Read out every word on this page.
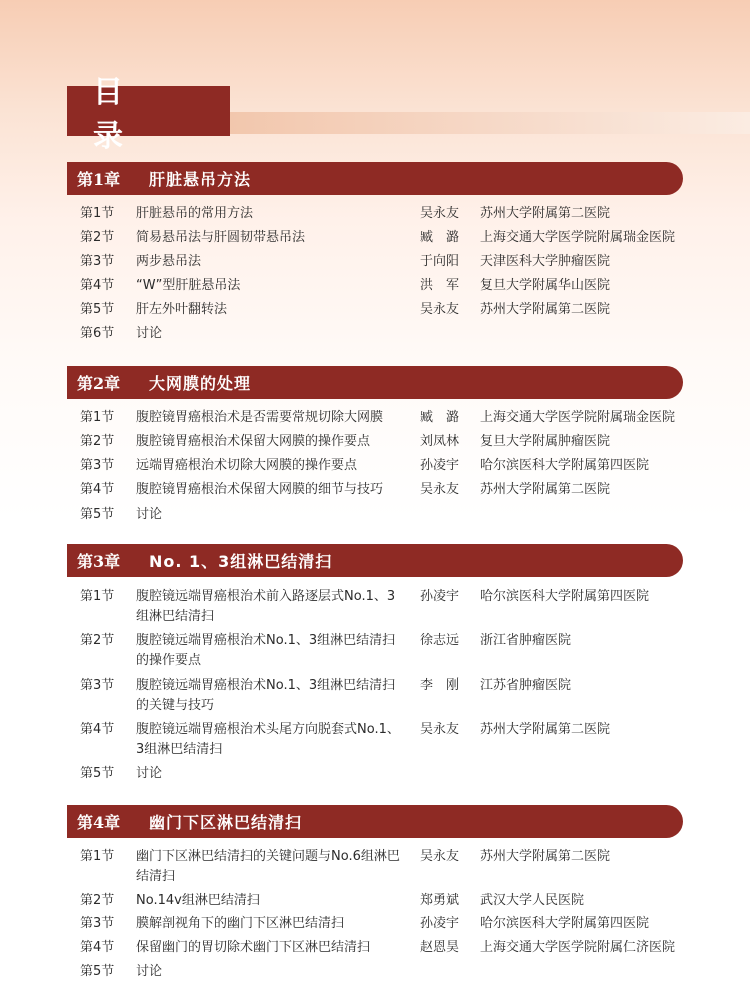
目 录
第1章	肝脏悬吊方法
第1节 肝脏悬吊的常用方法	吴永友 苏州大学附属第二医院
第2节 简易悬吊法与肝圆韧带悬吊法	臧　潞 上海交通大学医学院附属瑞金医院
第3节 两步悬吊法	于向阳 天津医科大学肿瘤医院
第4节 “W”型肝脏悬吊法	洪　军 复旦大学附属华山医院
第5节 肝左外叶翻转法	吴永友 苏州大学附属第二医院
第6节 讨论
第2章	大网膜的处理
第1节 腹腔镜胃癌根治术是否需要常规切除大网膜	臧　潞 上海交通大学医学院附属瑞金医院
第2节 腹腔镜胃癌根治术保留大网膜的操作要点	刘凤林 复旦大学附属肿瘤医院
第3节 远端胃癌根治术切除大网膜的操作要点	孙凌宇 哈尔滨医科大学附属第四医院
第4节 腹腔镜胃癌根治术保留大网膜的细节与技巧	吴永友 苏州大学附属第二医院
第5节 讨论
第3章	No. 1、3组淋巴结清扫
第1节 腹腔镜远端胃癌根治术前入路逐层式No.1、3组淋巴结清扫
孙凌宇 哈尔滨医科大学附属第四医院
第2节 腹腔镜远端胃癌根治术No.1、3组淋巴结清扫的操作要点
徐志远 浙江省肿瘤医院
第3节 腹腔镜远端胃癌根治术No.1、3组淋巴结清扫的关键与技巧
李　刚 江苏省肿瘤医院
第4节 腹腔镜远端胃癌根治术头尾方向脱套式No.1、3组淋巴结清扫
吴永友 苏州大学附属第二医院
第5节 讨论
第4章	幽门下区淋巴结清扫
第1节 幽门下区淋巴结清扫的关键问题与No.6组淋巴结清扫
吴永友 苏州大学附属第二医院
第2节 No.14v组淋巴结清扫	郑勇斌 武汉大学人民医院
第3节 膜解剖视角下的幽门下区淋巴结清扫	孙凌宇 哈尔滨医科大学附属第四医院
第4节 保留幽门的胃切除术幽门下区淋巴结清扫	赵恩昊 上海交通大学医学院附属仁济医院
第5节 讨论
